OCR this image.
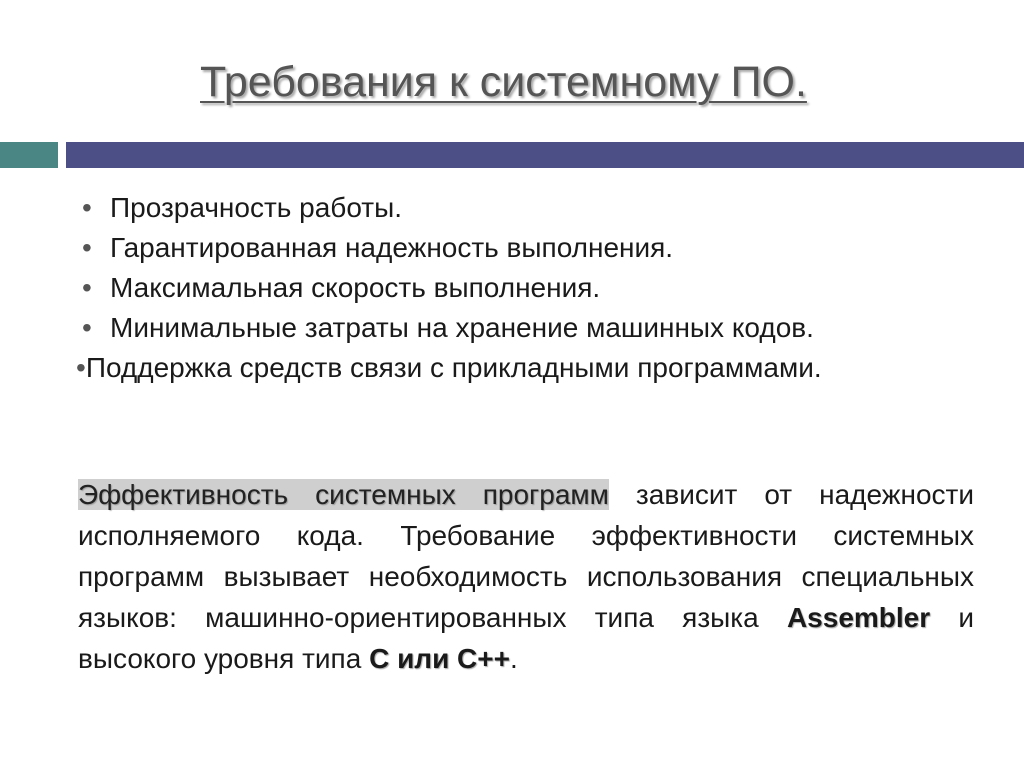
Требования к системному ПО.
• Прозрачность работы.
• Гарантированная надежность выполнения.
• Максимальная скорость выполнения.
• Минимальные затраты на хранение машинных кодов.
•Поддержка средств связи с прикладными программами.

Эффективность системных программ зависит от надежности исполняемого кода. Требование эффективности системных программ вызывает необходимость использования специальных языков: машинно-ориентированных типа языка Assembler и высокого уровня типа С или С++.
